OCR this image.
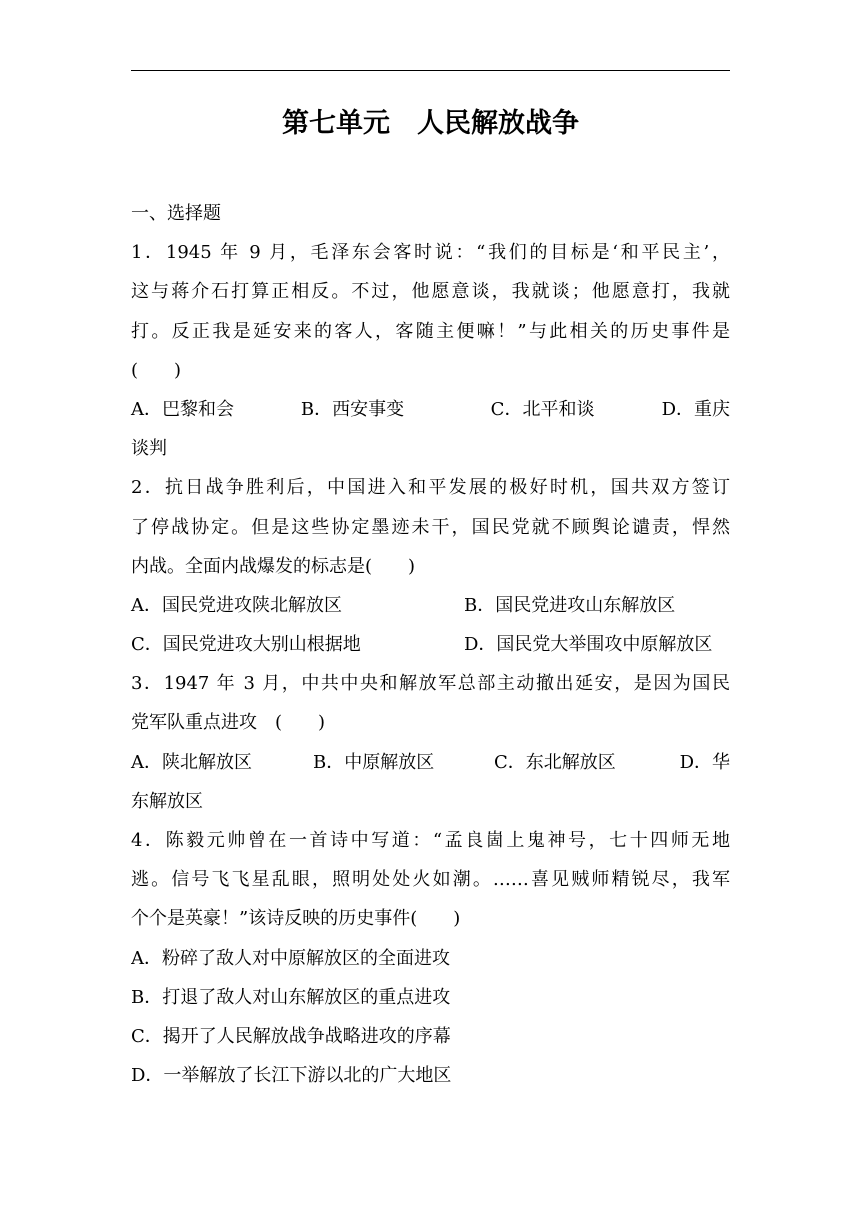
第七单元　人民解放战争
一、选择题
1．1945 年 9 月，毛泽东会客时说：“我们的目标是‘和平民主’，
这与蒋介石打算正相反。不过，他愿意谈，我就谈；他愿意打，我就
打。反正我是延安来的客人，客随主便嘛！”与此相关的历史事件是
(　　)
A．巴黎和会	B．西安事变	C．北平和谈	D．重庆
谈判
2．抗日战争胜利后，中国进入和平发展的极好时机，国共双方签订
了停战协定。但是这些协定墨迹未干，国民党就不顾舆论谴责，悍然
内战。全面内战爆发的标志是(　　)
A．国民党进攻陕北解放区	B．国民党进攻山东解放区
C．国民党进攻大别山根据地	D．国民党大举围攻中原解放区
3．1947 年 3 月，中共中央和解放军总部主动撤出延安，是因为国民
党军队重点进攻　(　　)
A．陕北解放区	B．中原解放区	C．东北解放区	D．华
东解放区
4．陈毅元帅曾在一首诗中写道：“孟良崮上鬼神号，七十四师无地
逃。信号飞飞星乱眼，照明处处火如潮。……喜见贼师精锐尽，我军
个个是英豪！”该诗反映的历史事件(　　)
A．粉碎了敌人对中原解放区的全面进攻
B．打退了敌人对山东解放区的重点进攻
C．揭开了人民解放战争战略进攻的序幕
D．一举解放了长江下游以北的广大地区
